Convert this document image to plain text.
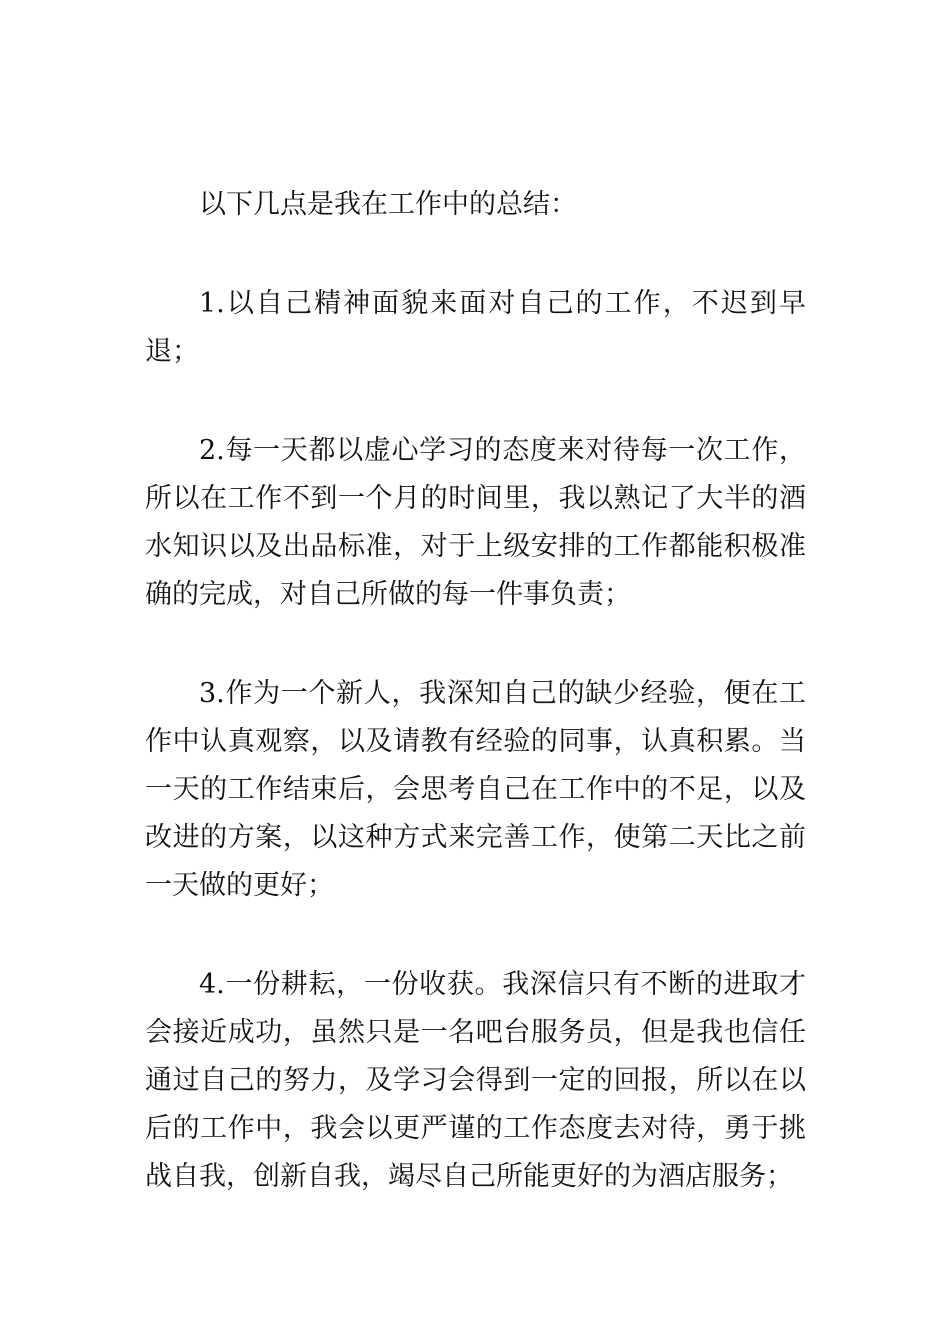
以下几点是我在工作中的总结：

1.以自己精神面貌来面对自己的工作，不迟到早退；

2.每一天都以虚心学习的态度来对待每一次工作，所以在工作不到一个月的时间里，我以熟记了大半的酒水知识以及出品标准，对于上级安排的工作都能积极准确的完成，对自己所做的每一件事负责；

3.作为一个新人，我深知自己的缺少经验，便在工作中认真观察，以及请教有经验的同事，认真积累。当一天的工作结束后，会思考自己在工作中的不足，以及改进的方案，以这种方式来完善工作，使第二天比之前一天做的更好；

4.一份耕耘，一份收获。我深信只有不断的进取才会接近成功，虽然只是一名吧台服务员，但是我也信任通过自己的努力，及学习会得到一定的回报，所以在以后的工作中，我会以更严谨的工作态度去对待，勇于挑战自我，创新自我，竭尽自己所能更好的为酒店服务；
